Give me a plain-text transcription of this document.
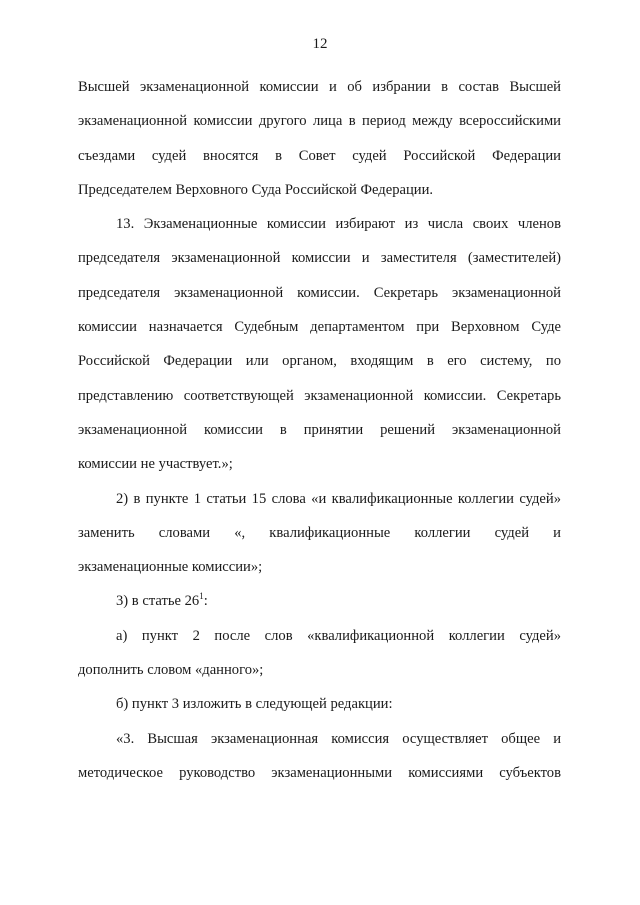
12
Высшей экзаменационной комиссии и об избрании в состав Высшей
экзаменационной комиссии другого лица в период между всероссийскими
съездами судей вносятся в Совет судей Российской Федерации
Председателем Верховного Суда Российской Федерации.
13. Экзаменационные комиссии избирают из числа своих членов
председателя экзаменационной комиссии и заместителя (заместителей)
председателя экзаменационной комиссии. Секретарь экзаменационной
комиссии назначается Судебным департаментом при Верховном Суде
Российской Федерации или органом, входящим в его систему, по
представлению соответствующей экзаменационной комиссии. Секретарь
экзаменационной комиссии в принятии решений экзаменационной
комиссии не участвует.»;
2) в пункте 1 статьи 15 слова «и квалификационные коллегии судей»
заменить словами «, квалификационные коллегии судей и
экзаменационные комиссии»;
3) в статье $26^1$:
а) пункт 2 после слов «квалификационной коллегии судей»
дополнить словом «данного»;
б) пункт 3 изложить в следующей редакции:
«3. Высшая экзаменационная комиссия осуществляет общее и
методическое руководство экзаменационными комиссиями субъектов
